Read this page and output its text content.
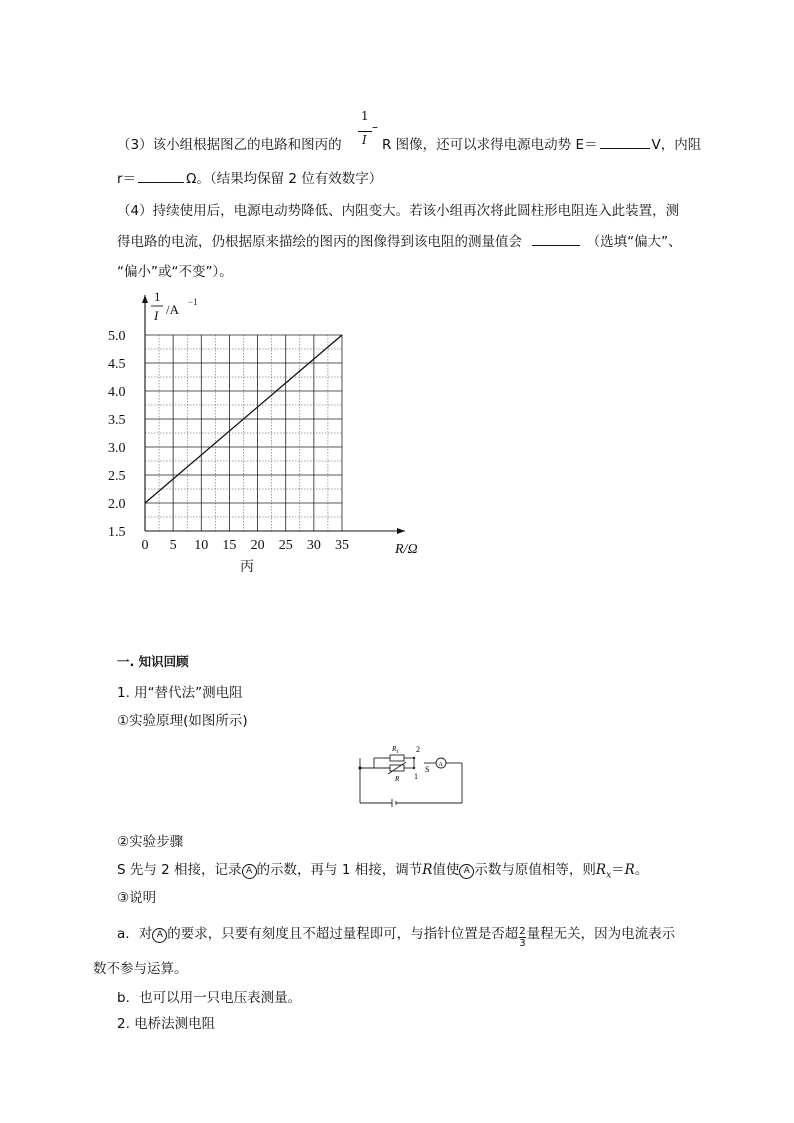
（3）该小组根据图乙的电路和图丙的
1
I
–
R 图像，还可以求得电源电动势 E＝	V，内阻
r＝	Ω。（结果均保留 2 位有效数字）
（4）持续使用后，电源电动势降低、内阻变大。若该小组再次将此圆柱形电阻连入此装置，测
得电路的电流，仍根据原来描绘的图丙的图像得到该电阻的测量值会	（选填“偏大”、
“偏小”或“不变”）。
0 5 10 15 20 25 30 35
1.5
2.0
2.5
3.0
3.5
4.0
4.5
5.0
1
I /A −1
R/Ω
丙
一. 知识回顾
1. 用“替代法”测电阻
①实验原理(如图所示)
$R_1$ 2
R 1
S A
②实验步骤
S 先与 2 相接，记录 A 的示数，再与 1 相接，调节R值使 A 示数与原值相等，则$R_x=R$。
③说明
a．对 A 的要求，只要有刻度且不超过量程即可，与指针位置是否超 $\frac{2}{3}$ 量程无关，因为电流表示
数不参与运算。
b．也可以用一只电压表测量。
2. 电桥法测电阻
